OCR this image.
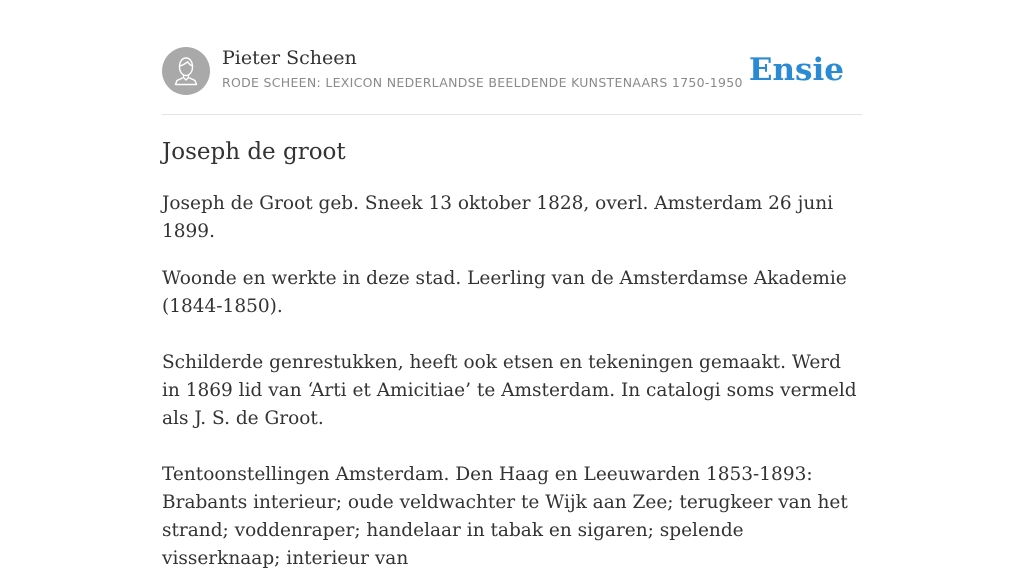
Pieter Scheen
RODE SCHEEN: LEXICON NEDERLANDSE BEELDENDE KUNSTENAARS 1750-1950 Ensie
Joseph de groot

Joseph de Groot geb. Sneek 13 oktober 1828, overl. Amsterdam 26 juni 1899.

Woonde en werkte in deze stad. Leerling van de Amsterdamse Akademie (1844-1850).

Schilderde genrestukken, heeft ook etsen en tekeningen gemaakt. Werd in 1869 lid van ‘Arti et Amicitiae’ te Amsterdam. In catalogi soms vermeld als J. S. de Groot.

Tentoonstellingen Amsterdam. Den Haag en Leeuwarden 1853-1893: Brabants interieur; oude veldwachter te Wijk aan Zee; terugkeer van het strand; voddenraper; handelaar in tabak en sigaren; spelende visserknaap; interieur van
